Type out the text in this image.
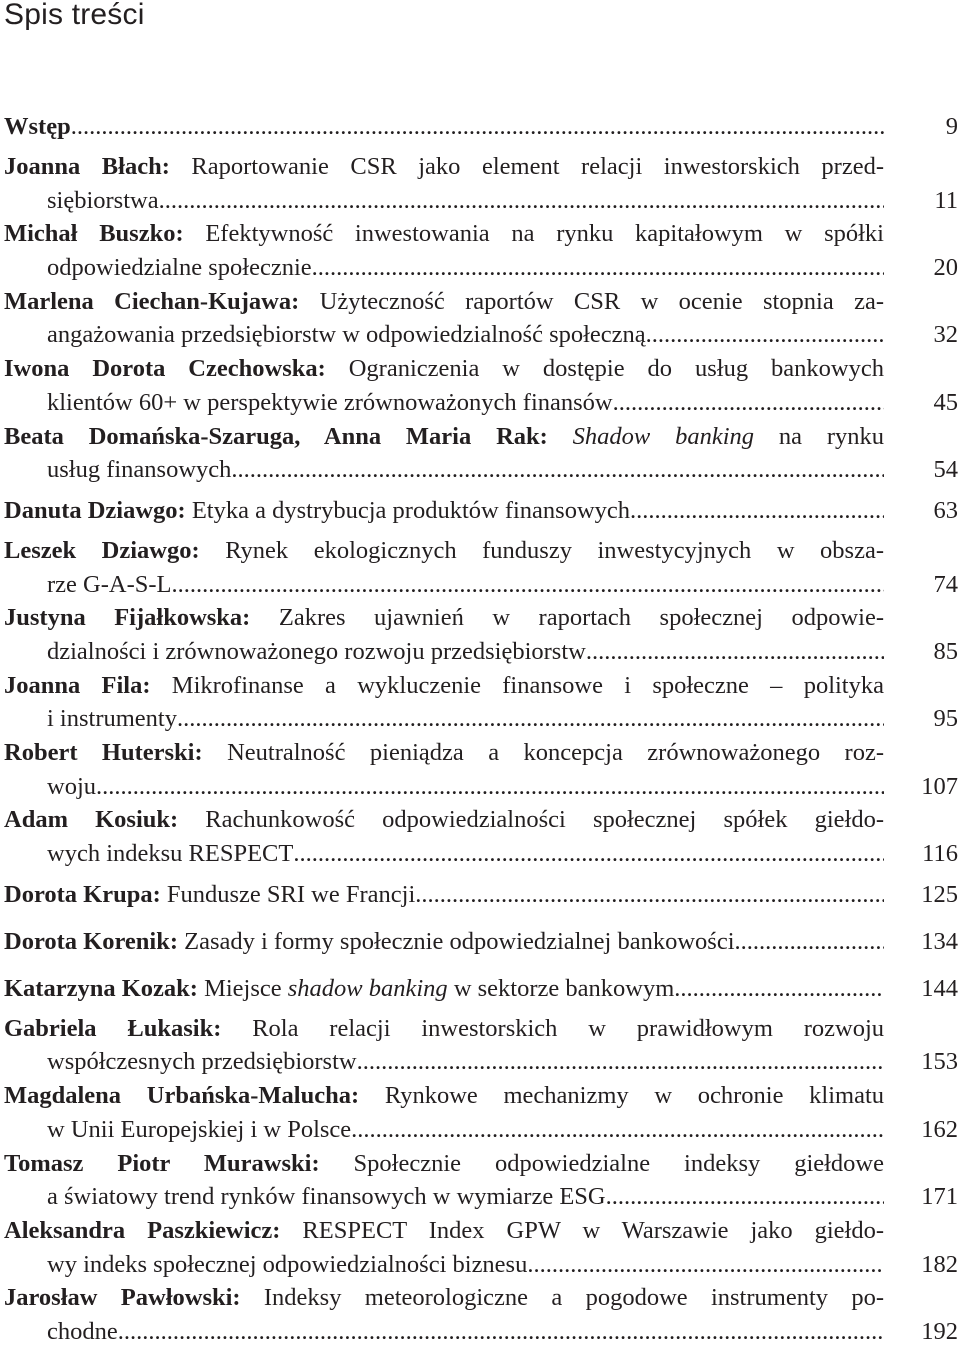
Spis treści
Wstęp .....	9
Joanna Błach: Raportowanie CSR jako element relacji inwestorskich przed-
siębiorstwa .....	11
Michał Buszko: Efektywność inwestowania na rynku kapitałowym w spółki
odpowiedzialne społecznie .....	20
Marlena Ciechan-Kujawa: Użyteczność raportów CSR w ocenie stopnia za-
angażowania przedsiębiorstw w odpowiedzialność społeczną .....	32
Iwona Dorota Czechowska: Ograniczenia w dostępie do usług bankowych
klientów 60+ w perspektywie zrównoważonych finansów .....	45
Beata Domańska-Szaruga, Anna Maria Rak: Shadow banking na rynku
usług finansowych .....	54
Danuta Dziawgo: Etyka a dystrybucja produktów finansowych .....	63
Leszek Dziawgo: Rynek ekologicznych funduszy inwestycyjnych w obsza-
rze G-A-S-L .....	74
Justyna Fijałkowska: Zakres ujawnień w raportach społecznej odpowie-
dzialności i zrównoważonego rozwoju przedsiębiorstw .....	85
Joanna Fila: Mikrofinanse a wykluczenie finansowe i społeczne – polityka
i instrumenty .....	95
Robert Huterski: Neutralność pieniądza a koncepcja zrównoważonego roz-
woju .....	107
Adam Kosiuk: Rachunkowość odpowiedzialności społecznej spółek giełdo-
wych indeksu RESPECT .....	116
Dorota Krupa: Fundusze SRI we Francji .....	125
Dorota Korenik: Zasady i formy społecznie odpowiedzialnej bankowości .....	134
Katarzyna Kozak: Miejsce shadow banking w sektorze bankowym .....	144
Gabriela Łukasik: Rola relacji inwestorskich w prawidłowym rozwoju
współczesnych przedsiębiorstw .....	153
Magdalena Urbańska-Malucha: Rynkowe mechanizmy w ochronie klimatu
w Unii Europejskiej i w Polsce .....	162
Tomasz Piotr Murawski: Społecznie odpowiedzialne indeksy giełdowe
a światowy trend rynków finansowych w wymiarze ESG .....	171
Aleksandra Paszkiewicz: RESPECT Index GPW w Warszawie jako giełdo-
wy indeks społecznej odpowiedzialności biznesu .....	182
Jarosław Pawłowski: Indeksy meteorologiczne a pogodowe instrumenty po-
chodne .....	192
